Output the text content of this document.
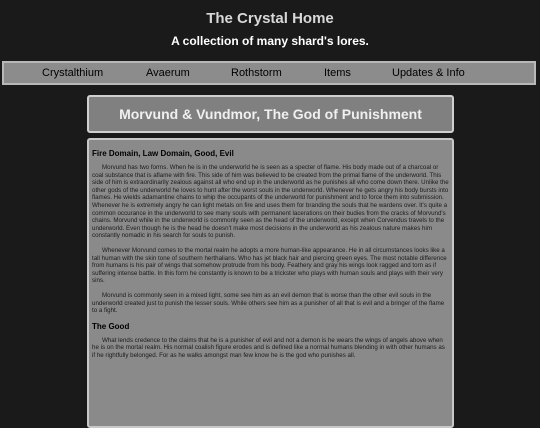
The Crystal Home
A collection of many shard's lores.
Crystalthium	Avaerum	Rothstorm	Items	Updates & Info
Morvund & Vundmor, The God of Punishment
Fire Domain, Law Domain, Good, Evil

Morvund has two forms. When he is in the underworld he is seen as a specter of flame. His body made out of a charcoal or coal substance that is aflame with fire. This side of him was believed to be created from the primal flame of the underworld. This side of him is extraordinarily zealous against all who end up in the underworld as he punishes all who come down there. Unlike the other gods of the underworld he loves to hunt after the worst souls in the underworld. Whenever he gets angry his body bursts into flames. He wields adamantine chains to whip the occupants of the underworld for punishment and to force them into submission. Whenever he is extremely angry he can light metals on fire and uses them for branding the souls that he wardens over. It's quite a common occurance in the underworld to see many souls with permanent lacerations on their budies from the cracks of Morvund's chains. Morvund while in the underworld is commonly seen as the head of the underworld, except when Corvendus travels to the underworld. Even though he is the head he doesn't make most decisions in the underworld as his zealous nature makes him constantly nomadic in his search for souls to punish.

Whenever Morvund comes to the mortal realm he adopts a more human-like appearance. He in all circumstances looks like a tall human with the skin tone of southern herthalians. Who has jet black hair and piercing green eyes. The most notable difference from humans is his pair of wings that somehow protrude from his body. Feathery and gray his wings look ragged and torn as if suffering intense battle. In this form he constantly is known to be a trickster who plays with human souls and plays with their very sins.

Morvund is commonly seen in a mixed light, some see him as an evil demon that is worse than the other evil souls in the underworld created just to punish the lesser souls. While others see him as a punisher of all that is evil and a bringer of the flame to a fight.

The Good

What lends credence to the claims that he is a punisher of evil and not a demon is he wears the wings of angels above when he is on the mortal realm. His normal coalish figure erodes and is defined like a normal humans blending in with other humans as if he rightfully belonged. For as he walks amongst man few know he is the god who punishes all.
